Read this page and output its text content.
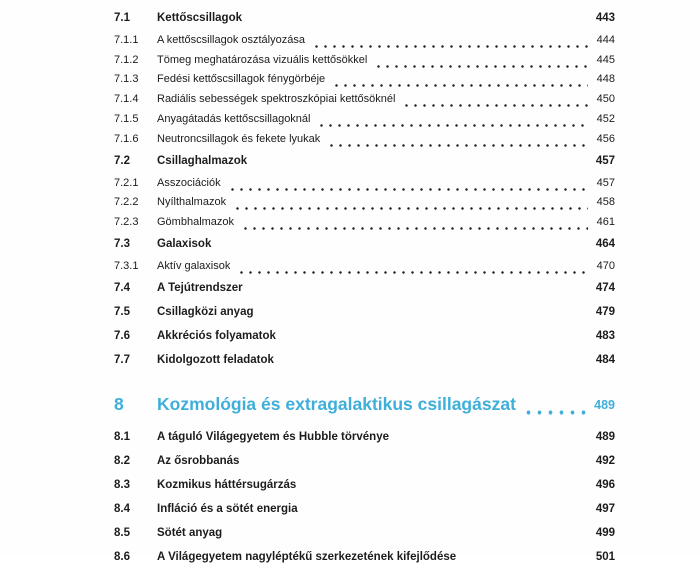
7.1	Kettőscsillagok	443
7.1.1	A kettőscsillagok osztályozása	444
7.1.2	Tömeg meghatározása vizuális kettősökkel	445
7.1.3	Fedési kettőscsillagok fénygörbéje	448
7.1.4	Radiális sebességek spektroszkópiai kettősöknél	450
7.1.5	Anyagátadás kettőscsillagoknál	452
7.1.6	Neutroncsillagok és fekete lyukak	456
7.2	Csillaghalmazok	457
7.2.1	Asszociációk	457
7.2.2	Nyílthalmazok	458
7.2.3	Gömbhalmazok	461
7.3	Galaxisok	464
7.3.1	Aktív galaxisok	470
7.4	A Tejútrendszer	474
7.5	Csillagközi anyag	479
7.6	Akkréciós folyamatok	483
7.7	Kidolgozott feladatok	484
8	Kozmológia és extragalaktikus csillagászat	489
8.1	A táguló Világegyetem és Hubble törvénye	489
8.2	Az ősrobbanás	492
8.3	Kozmikus háttérsugárzás	496
8.4	Infláció és a sötét energia	497
8.5	Sötét anyag	499
8.6	A Világegyetem nagyléptékű szerkezetének kifejlődése	501
